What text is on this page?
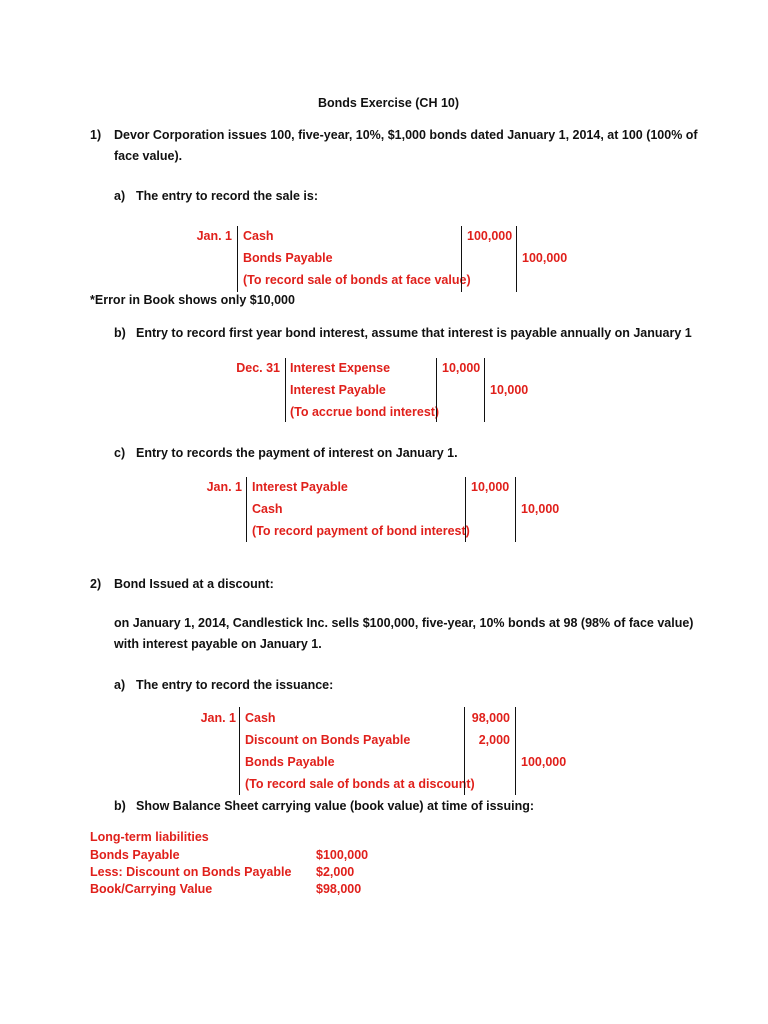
Bonds Exercise (CH 10)
1) Devor Corporation issues 100, five-year, 10%, $1,000 bonds dated January 1, 2014, at 100 (100% of
face value).
a) The entry to record the sale is:
Jan. 1 Cash
Bonds Payable
(To record sale of bonds at face value)
100,000
100,000
*Error in Book shows only $10,000
b) Entry to record first year bond interest, assume that interest is payable annually on January 1
Dec. 31 Interest Expense
Interest Payable
(To accrue bond interest)
10,000
10,000
c) Entry to records the payment of interest on January 1.
Jan. 1 Interest Payable
Cash
(To record payment of bond interest)
10,000
10,000
2) Bond Issued at a discount:
on January 1, 2014, Candlestick Inc. sells $100,000, five-year, 10% bonds at 98 (98% of face value)
with interest payable on January 1.
a) The entry to record the issuance:
Jan. 1 Cash
Discount on Bonds Payable
Bonds Payable
(To record sale of bonds at a discount)
98,000
2,000
100,000
b) Show Balance Sheet carrying value (book value) at time of issuing:
Long-term liabilities
Bonds Payable	$100,000
Less: Discount on Bonds Payable $2,000
Book/Carrying Value	$98,000
